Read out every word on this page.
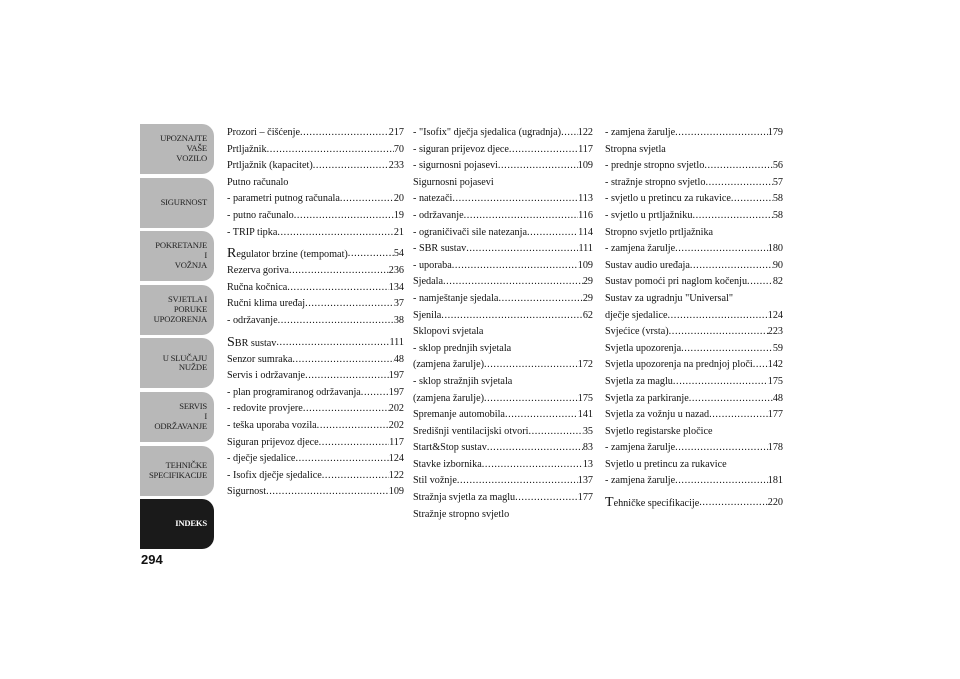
UPOZNAJTE
VAŠE
VOZILO
SIGURNOST
POKRETANJE
I
VOŽNJA
SVJETLA I
PORUKE
UPOZORENJA
U SLUČAJU
NUŽDE
SERVIS
I
ODRŽAVANJE
TEHNIČKE
SPECIFIKACIJE
INDEKS
294
Prozori – čišćenje .....	217
Prtljažnik .....	70
Prtljažnik (kapacitet) .....	233
Putno računalo
- parametri putnog računala .....	20
- putno računalo .....	19
- TRIP tipka .....	21
Regulator brzine (tempomat) .....	54
Rezerva goriva .....	236
Ručna kočnica .....	134
Ručni klima uređaj .....	37
- održavanje .....	38
SBR sustav .....	111
Senzor sumraka .....	48
Servis i održavanje .....	197
- plan programiranog održavanja .....	197
- redovite provjere .....	202
- teška uporaba vozila .....	202
Siguran prijevoz djece .....	117
- dječje sjedalice .....	124
- Isofix dječje sjedalice .....	122
Sigurnost .....	109
- "Isofix" dječja sjedalica (ugradnja) ..... 122
- siguran prijevoz djece .....	117
- sigurnosni pojasevi .....	109
Sigurnosni pojasevi
- natezači .....	113
- održavanje .....	116
- ograničivači sile natezanja .....	114
- SBR sustav .....	111
- uporaba .....	109
Sjedala .....	29
- namještanje sjedala .....	29
Sjenila .....	62
Sklopovi svjetala
- sklop prednjih svjetala
(zamjena žarulje) .....	172
- sklop stražnjih svjetala
(zamjena žarulje) .....	175
Spremanje automobila .....	141
Središnji ventilacijski otvori .....	35
Start&Stop sustav .....	83
Stavke izbornika .....	13
Stil vožnje .....	137
Stražnja svjetla za maglu .....	177
Stražnje stropno svjetlo
- zamjena žarulje .....	179
Stropna svjetla
- prednje stropno svjetlo .....	56
- stražnje stropno svjetlo .....	57
- svjetlo u pretincu za rukavice .....	58
- svjetlo u prtljažniku .....	58
Stropno svjetlo prtljažnika
- zamjena žarulje .....	180
Sustav audio uređaja .....	90
Sustav pomoći pri naglom kočenju .....	82
Sustav za ugradnju "Universal"
dječje sjedalice .....	124
Svjećice (vrsta) .....	223
Svjetla upozorenja .....	59
Svjetla upozorenja na prednjoj ploči ..... 142
Svjetla za maglu .....	175
Svjetla za parkiranje .....	48
Svjetla za vožnju u nazad .....	177
Svjetlo registarske pločice
- zamjena žarulje .....	178
Svjetlo u pretincu za rukavice
- zamjena žarulje .....	181
Tehničke specifikacije .....	220
